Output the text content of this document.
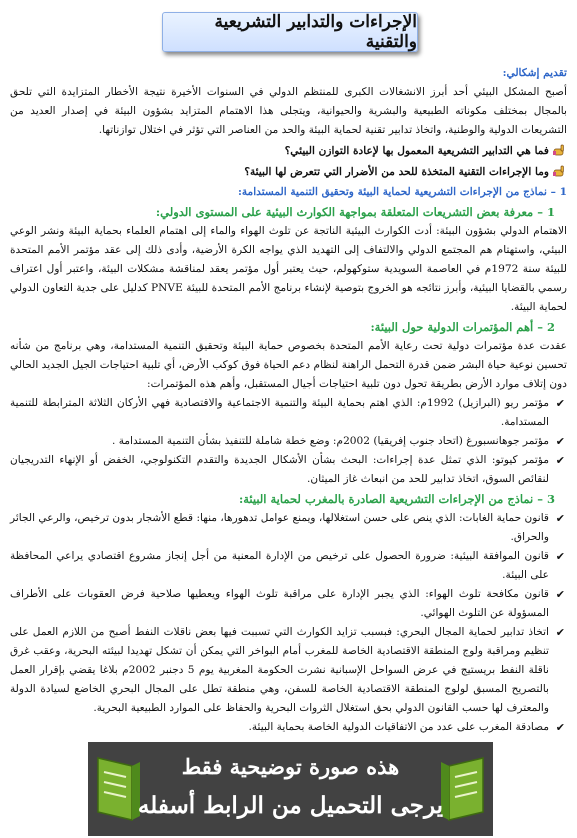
الإجراءات والتدابير التشريعية والتقنية

تقديم إشكالي:

أصبح المشكل البيئي أحد أبرز الانشغالات الكبرى للمنتظم الدولي في السنوات الأخيرة نتيجة الأخطار المتزايدة التي تلحق بالمجال بمختلف مكوناته الطبيعية والبشرية والحيوانية، ويتجلى هذا الاهتمام المتزايد بشؤون البيئة في إصدار العديد من التشريعات الدولية والوطنية، واتخاذ تدابير تقنية لحماية البيئة والحد من العناصر التي تؤثر في اختلال توازناتها.

فما هي التدابير التشريعية المعمول بها لإعادة التوازن البيئي؟

وما الإجراءات التقنية المتخذة للحد من الأضرار التي تتعرض لها البيئة؟

1 – نماذج من الإجراءات التشريعية لحماية البيئة وتحقيق التنمية المستدامة:

1 – معرفة بعض التشريعات المتعلقة بمواجهة الكوارث البيئية على المستوى الدولي:

الاهتمام الدولي بشؤون البيئة: أدت الكوارث البيئية الناتجة عن تلوث الهواء والماء إلى اهتمام العلماء بحماية البيئة ونشر الوعي البيئي، واستهتام هم المجتمع الدولي والالتفاف إلى التهديد الذي يواجه الكرة الأرضية، وأدى ذلك إلى عقد مؤتمر الأمم المتحدة للبيئة سنة 1972م في العاصمة السويدية ستوكهولم، حيث يعتبر أول مؤتمر يعقد لمناقشة مشكلات البيئة، واعتبر أول اعتراف رسمي بالقضايا البيئية، وأبرز نتائجه هو الخروج بتوصية لإنشاء برنامج الأمم المتحدة للبيئة PNVE كدليل على جدية التعاون الدولي لحماية البيئة.

2 – أهم المؤتمرات الدولية حول البيئة:

عقدت عدة مؤتمرات دولية تحت رعاية الأمم المتحدة بخصوص حماية البيئة وتحقيق التنمية المستدامة، وهي برنامج من شأنه تحسين نوعية حياة البشر ضمن قدرة التحمل الراهنة لنظام دعم الحياة فوق كوكب الأرض، أي تلبية احتياجات الجيل الجديد الحالي دون إتلاف موارد الأرض بطريقة تحول دون تلبية احتياجات أجيال المستقبل، وأهم هذه المؤتمرات:

✔
مؤتمر ريو (البرازيل) 1992م: الذي اهتم بحماية البيئة والتنمية الاجتماعية والاقتصادية فهي الأركان الثلاثة المترابطة للتنمية المستدامة.

✔
مؤتمر جوهانسبورغ (اتحاد جنوب إفريقيا) 2002م: وضع خطة شاملة للتنفيذ بشأن التنمية المستدامة .

✔
مؤتمر كيوتو: الذي تمثل عدة إجراءات: البحث بشأن الأشكال الجديدة والتقدم التكنولوجي، الخفض أو الإنهاء التدريجيان لنقائص السوق، اتخاذ تدابير للحد من انبعاث غاز الميثان.

3 – نماذج من الإجراءات التشريعية الصادرة بالمغرب لحماية البيئة:

✔
قانون حماية الغابات: الذي ينص على حسن استغلالها، ويمنع عوامل تدهورها، منها: قطع الأشجار بدون ترخيص، والرعي الجائر والحراق.

✔
قانون الموافقة البيئية: ضرورة الحصول على ترخيص من الإدارة المعنية من أجل إنجاز مشروع اقتصادي يراعي المحافظة على البيئة.

✔
قانون مكافحة تلوث الهواء: الذي يجبر الإدارة على مراقبة تلوث الهواء ويعطيها صلاحية فرض العقوبات على الأطراف المسؤولة عن التلوث الهوائي.

✔
اتخاذ تدابير لحماية المجال البحري: فبسبب تزايد الكوارث التي تسببت فيها بعض ناقلات النفط أصبح من اللازم العمل على تنظيم ومراقبة ولوج المنطقة الاقتصادية الخاصة للمغرب أمام البواخر التي يمكن أن تشكل تهديدا لبيئته البحرية، وعقب غرق ناقلة النفط بريستيج في عرض السواحل الإسبانية نشرت الحكومة المغربية يوم 5 دجنبر 2002م بلاغا يقضي بإقرار العمل بالتصريح المسبق لولوج المنطقة الاقتصادية الخاصة للسفن، وهي منطقة تطل على المجال البحري الخاضع لسيادة الدولة والمعترف لها حسب القانون الدولي بحق استغلال الثروات البحرية والحفاظ على الموارد الطبيعية البحرية.

✔
مصادقة المغرب على عدد من الاتفاقيات الدولية الخاصة بحماية البيئة.

هذه صورة توضيحية فقط
يرجى التحميل من الرابط أسفله
